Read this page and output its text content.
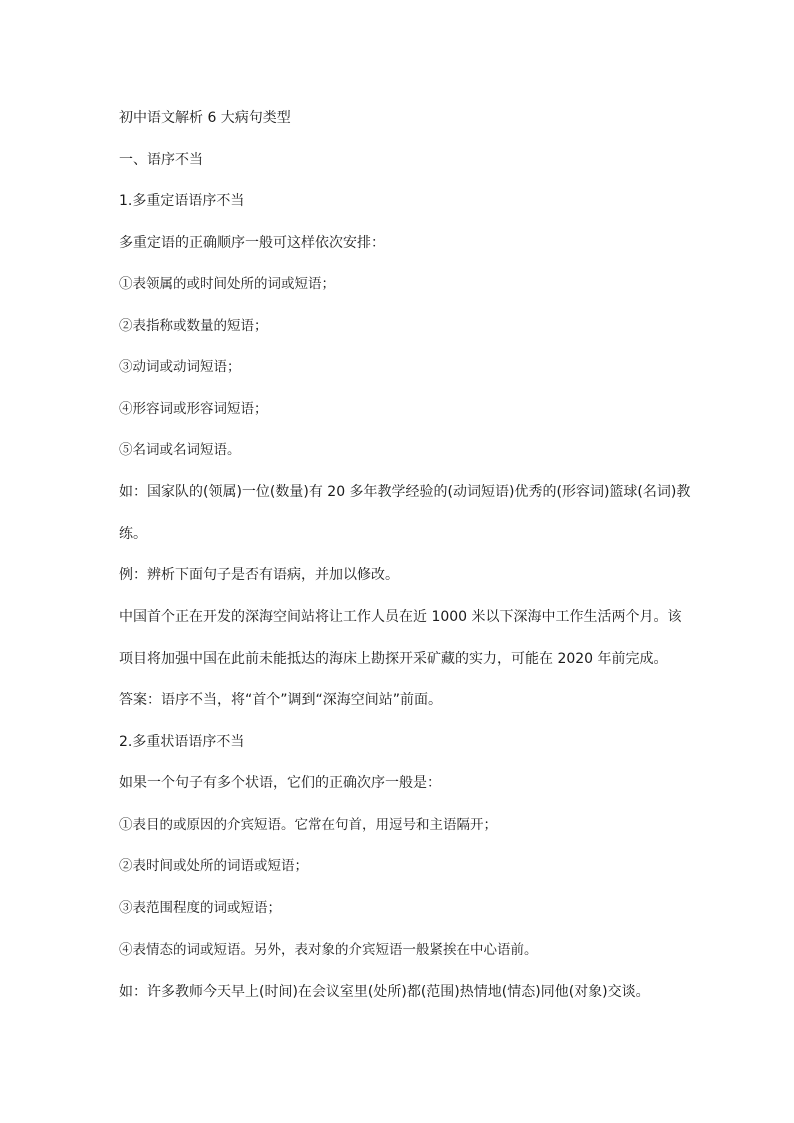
初中语文解析 6 大病句类型
一、语序不当
1.多重定语语序不当
多重定语的正确顺序一般可这样依次安排：
①表领属的或时间处所的词或短语；
②表指称或数量的短语；
③动词或动词短语；
④形容词或形容词短语；
⑤名词或名词短语。
如：国家队的(领属)一位(数量)有 20 多年教学经验的(动词短语)优秀的(形容词)篮球(名词)教
练。
例：辨析下面句子是否有语病，并加以修改。
中国首个正在开发的深海空间站将让工作人员在近 1000 米以下深海中工作生活两个月。该
项目将加强中国在此前未能抵达的海床上勘探开采矿藏的实力，可能在 2020 年前完成。
答案：语序不当，将“首个”调到“深海空间站”前面。
2.多重状语语序不当
如果一个句子有多个状语，它们的正确次序一般是：
①表目的或原因的介宾短语。它常在句首，用逗号和主语隔开；
②表时间或处所的词语或短语；
③表范围程度的词或短语；
④表情态的词或短语。另外，表对象的介宾短语一般紧挨在中心语前。
如：许多教师今天早上(时间)在会议室里(处所)都(范围)热情地(情态)同他(对象)交谈。
